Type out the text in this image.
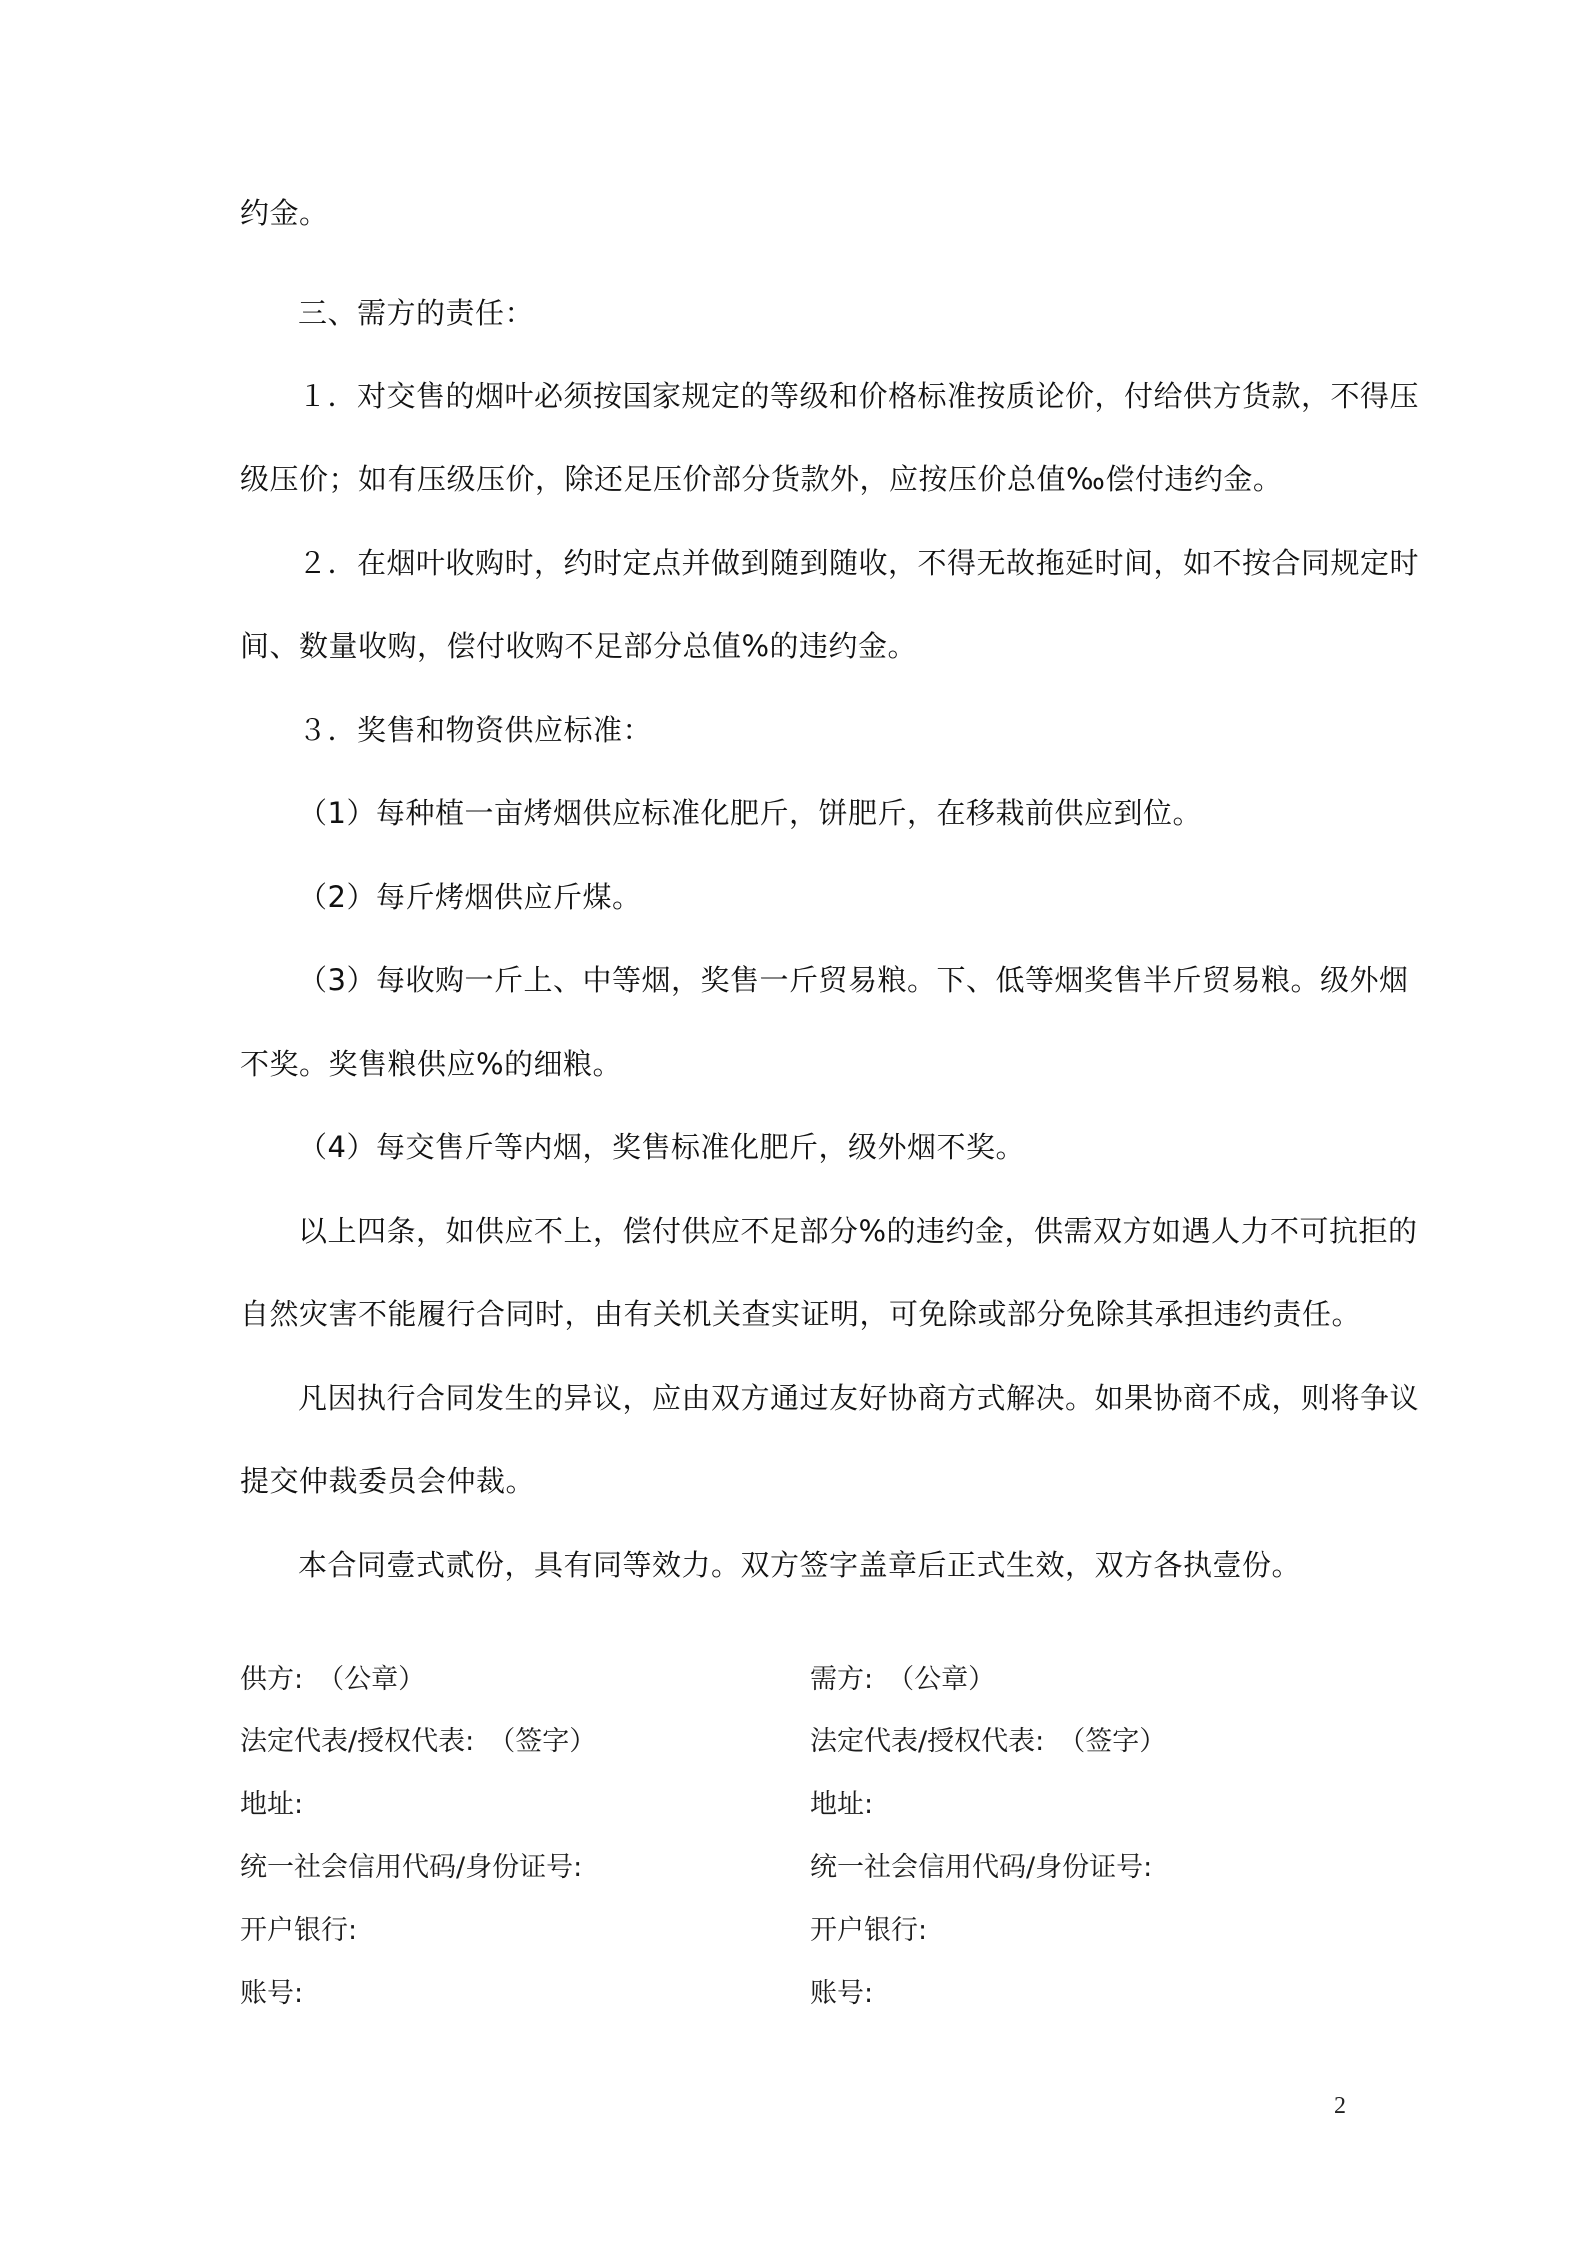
约金。
三、需方的责任：
１．对交售的烟叶必须按国家规定的等级和价格标准按质论价，付给供方货款，不得压
级压价；如有压级压价，除还足压价部分货款外，应按压价总值‰偿付违约金。
２．在烟叶收购时，约时定点并做到随到随收，不得无故拖延时间，如不按合同规定时
间、数量收购，偿付收购不足部分总值%的违约金。
３．奖售和物资供应标准：
（1）每种植一亩烤烟供应标准化肥斤，饼肥斤，在移栽前供应到位。
（2）每斤烤烟供应斤煤。
（3）每收购一斤上、中等烟，奖售一斤贸易粮。下、低等烟奖售半斤贸易粮。级外烟
不奖。奖售粮供应%的细粮。
（4）每交售斤等内烟，奖售标准化肥斤，级外烟不奖。
以上四条，如供应不上，偿付供应不足部分%的违约金，供需双方如遇人力不可抗拒的
自然灾害不能履行合同时，由有关机关查实证明，可免除或部分免除其承担违约责任。
凡因执行合同发生的异议，应由双方通过友好协商方式解决。如果协商不成，则将争议
提交仲裁委员会仲裁。
本合同壹式贰份，具有同等效力。双方签字盖章后正式生效，双方各执壹份。
供方: （公章）
法定代表/授权代表: （签字）
地址:
统一社会信用代码/身份证号:
开户银行:
账号:
需方: （公章）
法定代表/授权代表: （签字）
地址:
统一社会信用代码/身份证号:
开户银行:
账号:
2
